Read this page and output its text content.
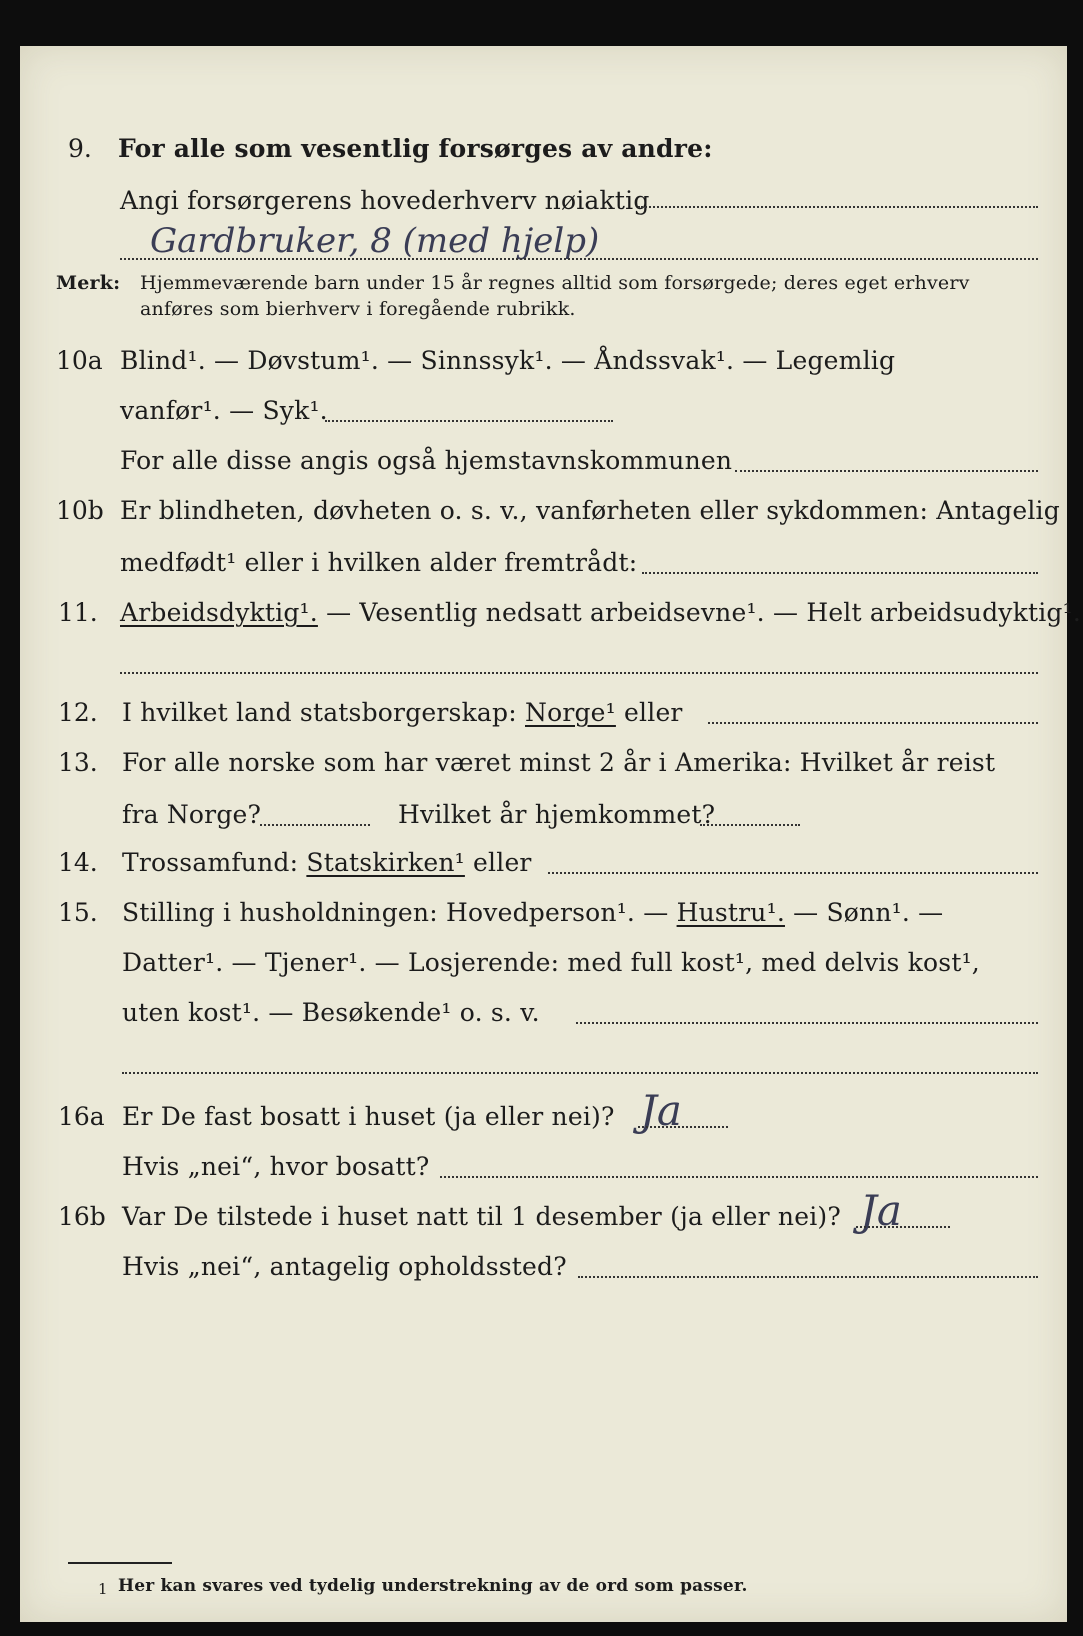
9. For alle som vesentlig forsørges av andre:
Angi forsørgerens hovederhverv nøiaktig
Gardbruker, 8 (med hjelp)
Merk: Hjemmeværende barn under 15 år regnes alltid som forsørgede; deres eget erhverv
anføres som bierhverv i foregående rubrikk.
10a Blind¹. — Døvstum¹. — Sinnssyk¹. — Åndssvak¹. — Legemlig
vanfør¹. — Syk¹.
For alle disse angis også hjemstavnskommunen
10b Er blindheten, døvheten o. s. v., vanførheten eller sykdommen: Antagelig
medfødt¹ eller i hvilken alder fremtrådt:
11. Arbeidsdyktig¹. — Vesentlig nedsatt arbeidsevne¹. — Helt arbeidsudyktig¹.
12. I hvilket land statsborgerskap: Norge¹ eller
13. For alle norske som har været minst 2 år i Amerika: Hvilket år reist
fra Norge?	Hvilket år hjemkommet?
14. Trossamfund: Statskirken¹ eller
15. Stilling i husholdningen: Hovedperson¹. — Hustru¹. — Sønn¹. —
Datter¹. — Tjener¹. — Losjerende: med full kost¹, med delvis kost¹,
uten kost¹. — Besøkende¹ o. s. v.
16a Er De fast bosatt i huset (ja eller nei)? Ja
Hvis „nei“, hvor bosatt?
16b Var De tilstede i huset natt til 1 desember (ja eller nei)? Ja
Hvis „nei“, antagelig opholdssted?
1 Her kan svares ved tydelig understrekning av de ord som passer.
